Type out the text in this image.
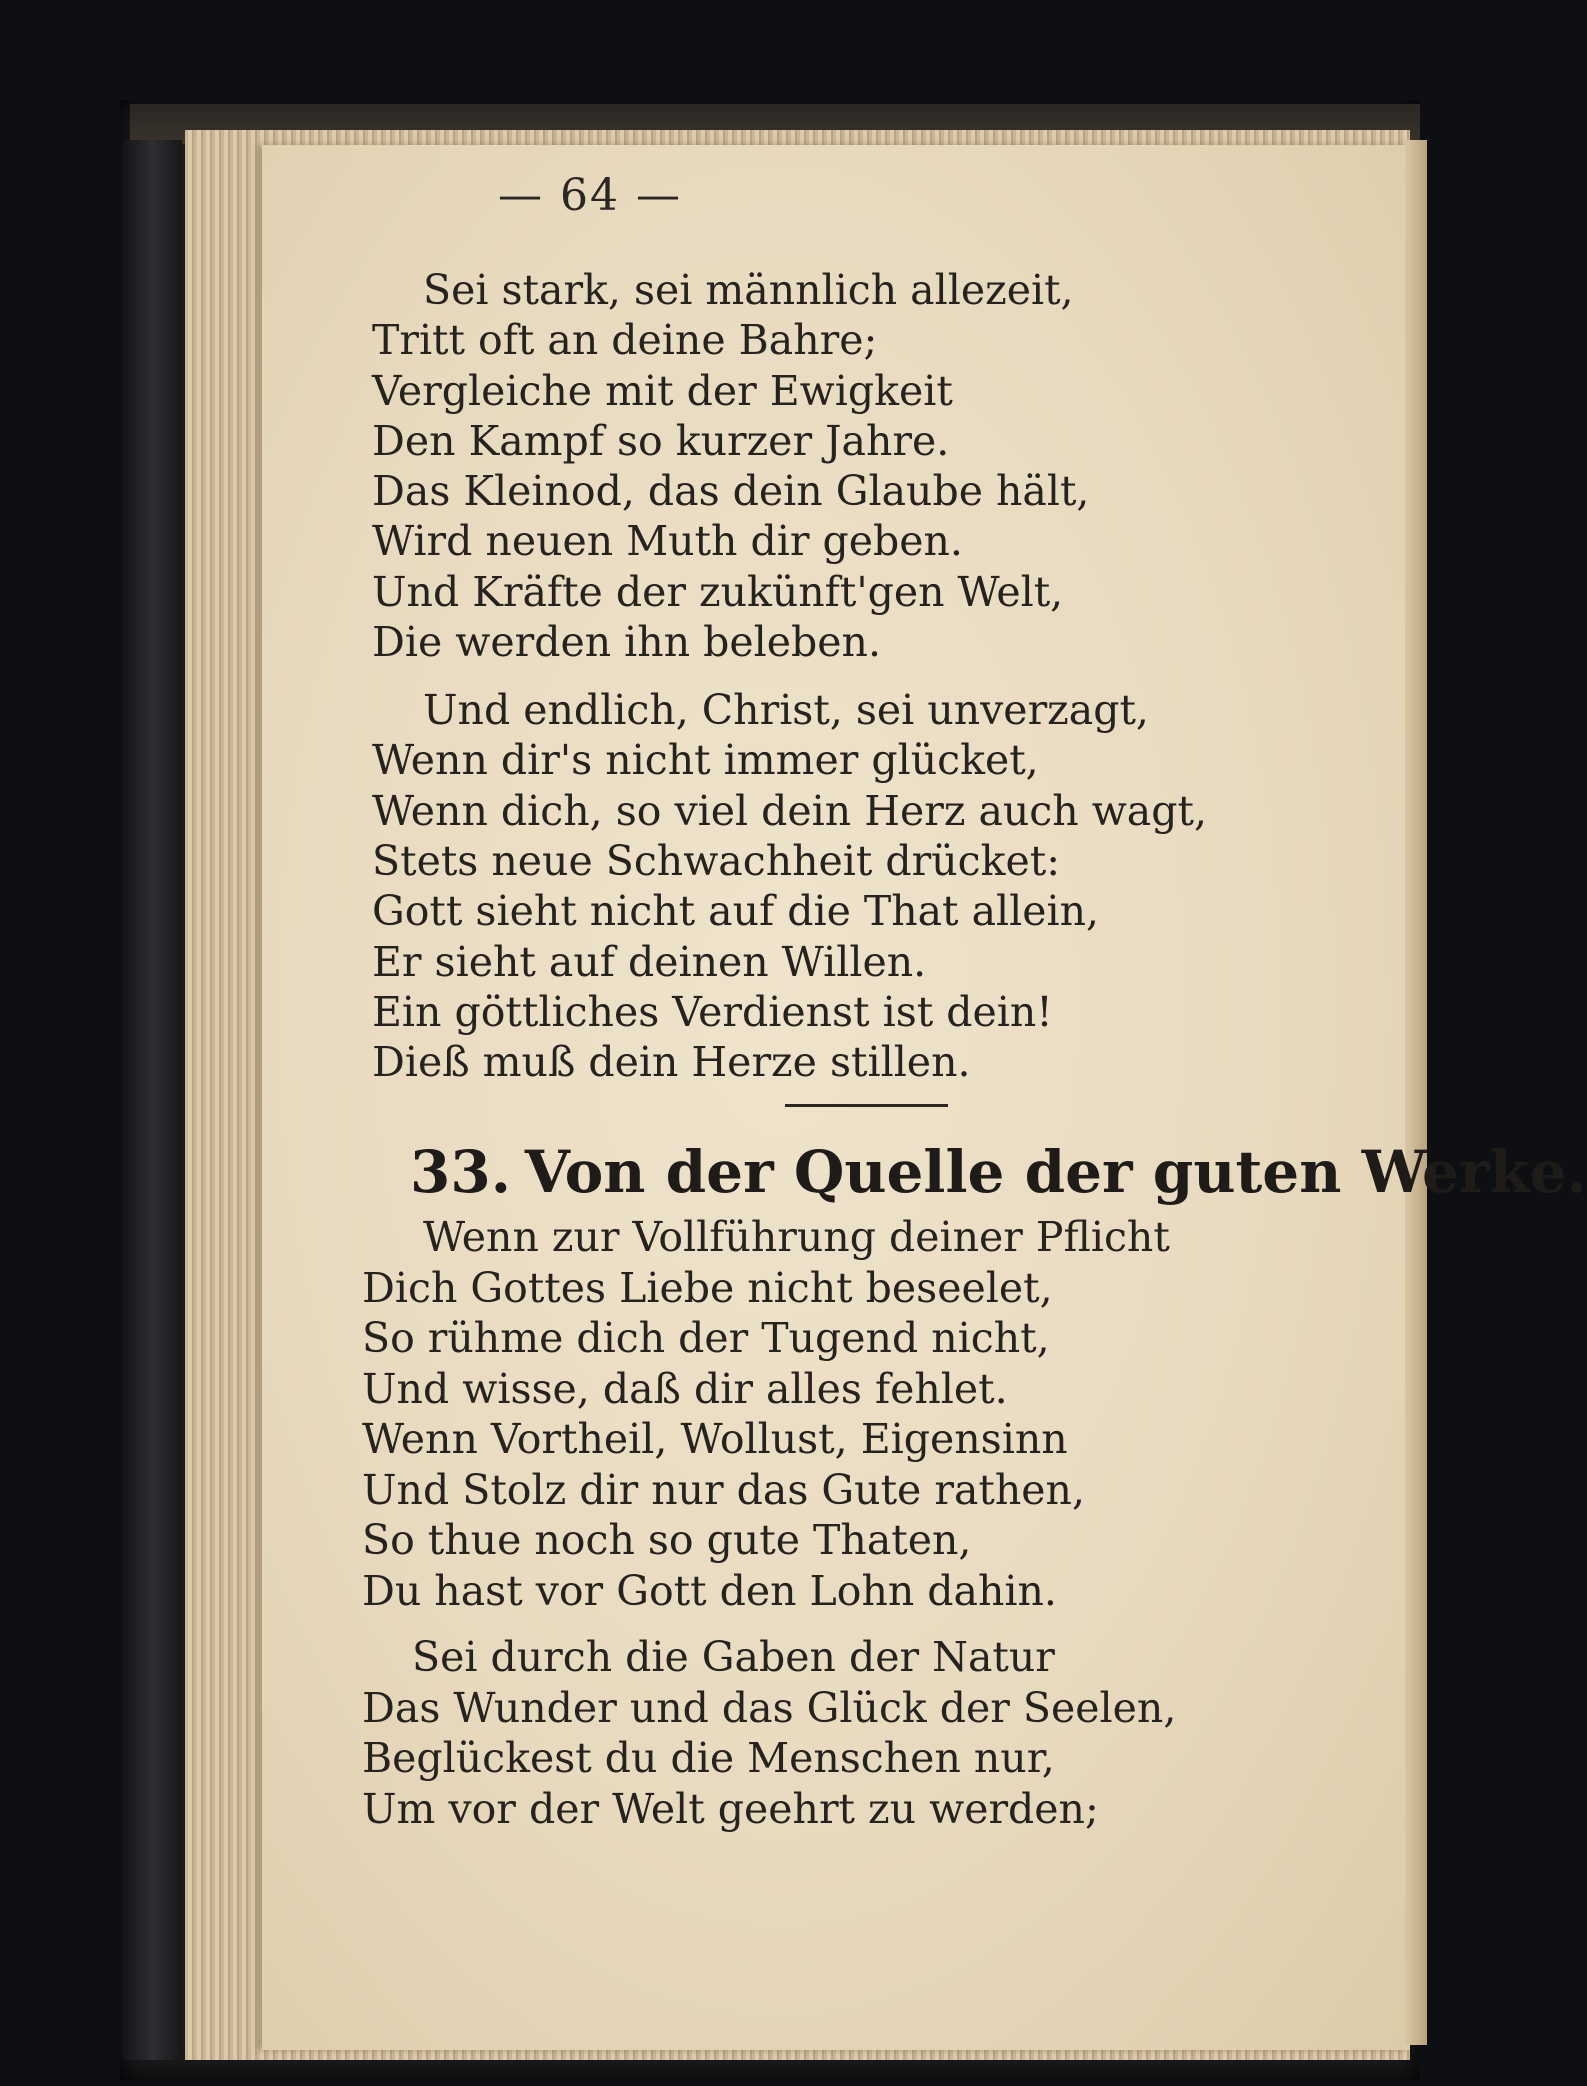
— 64 —
Sei stark, sei männlich allezeit,
Tritt oft an deine Bahre;
Vergleiche mit der Ewigkeit
Den Kampf so kurzer Jahre.
Das Kleinod, das dein Glaube hält,
Wird neuen Muth dir geben.
Und Kräfte der zukünft'gen Welt,
Die werden ihn beleben.
Und endlich, Christ, sei unverzagt,
Wenn dir's nicht immer glücket,
Wenn dich, so viel dein Herz auch wagt,
Stets neue Schwachheit drücket:
Gott sieht nicht auf die That allein,
Er sieht auf deinen Willen.
Ein göttliches Verdienst ist dein!
Dieß muß dein Herze stillen.
33. Von der Quelle der guten Werke.
Wenn zur Vollführung deiner Pflicht
Dich Gottes Liebe nicht beseelet,
So rühme dich der Tugend nicht,
Und wisse, daß dir alles fehlet.
Wenn Vortheil, Wollust, Eigensinn
Und Stolz dir nur das Gute rathen,
So thue noch so gute Thaten,
Du hast vor Gott den Lohn dahin.
Sei durch die Gaben der Natur
Das Wunder und das Glück der Seelen,
Beglückest du die Menschen nur,
Um vor der Welt geehrt zu werden;
